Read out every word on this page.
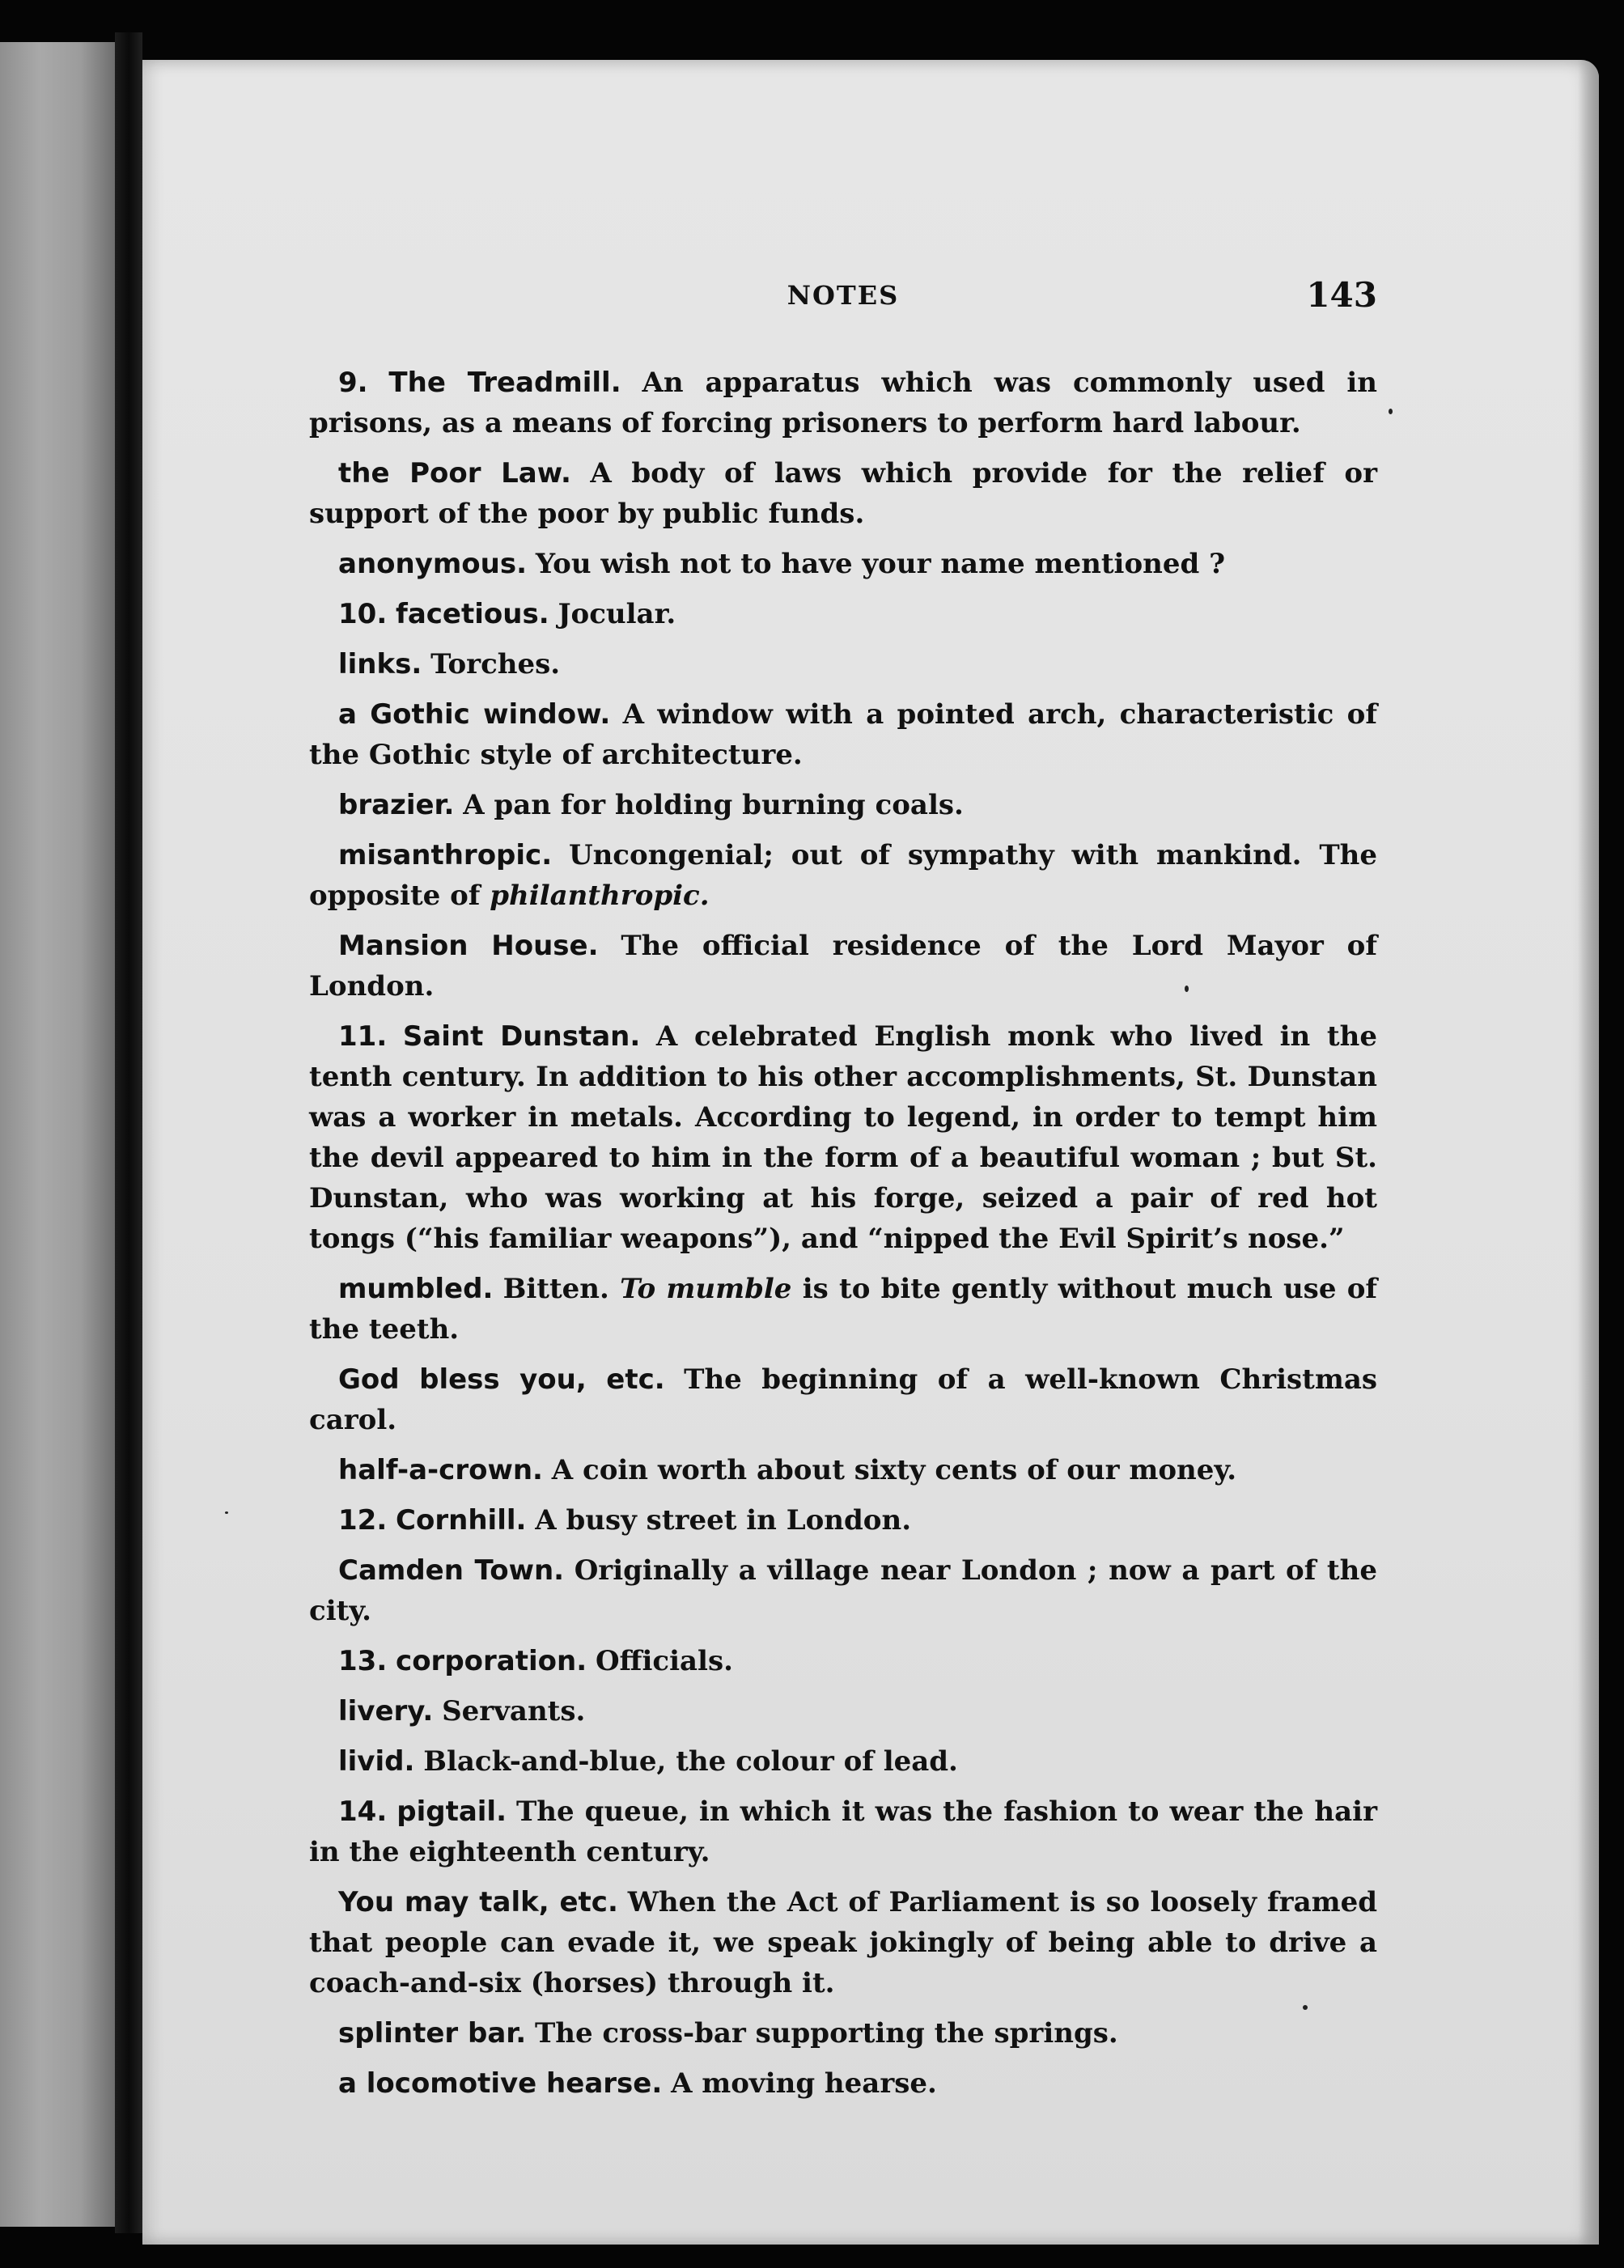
NOTES	143

9. The Treadmill. An apparatus which was commonly used in prisons, as a means of forcing prisoners to perform hard labour.

the Poor Law. A body of laws which provide for the relief or support of the poor by public funds.

anonymous. You wish not to have your name mentioned ?

10. facetious. Jocular.

links. Torches.

a Gothic window. A window with a pointed arch, characteristic of the Gothic style of architecture.

brazier. A pan for holding burning coals.

misanthropic. Uncongenial; out of sympathy with mankind. The opposite of philanthropic.

Mansion House. The official residence of the Lord Mayor of London.

11. Saint Dunstan. A celebrated English monk who lived in the tenth century. In addition to his other accomplishments, St. Dunstan was a worker in metals. According to legend, in order to tempt him the devil appeared to him in the form of a beautiful woman ; but St. Dunstan, who was working at his forge, seized a pair of red hot tongs (“his familiar weapons”), and “nipped the Evil Spirit’s nose.”

mumbled. Bitten. To mumble is to bite gently without much use of the teeth.

God bless you, etc. The beginning of a well-known Christmas carol.

half-a-crown. A coin worth about sixty cents of our money.

12. Cornhill. A busy street in London.

Camden Town. Originally a village near London ; now a part of the city.

13. corporation. Officials.

livery. Servants.

livid. Black-and-blue, the colour of lead.

14. pigtail. The queue, in which it was the fashion to wear the hair in the eighteenth century.

You may talk, etc. When the Act of Parliament is so loosely framed that people can evade it, we speak jokingly of being able to drive a coach-and-six (horses) through it.

splinter bar. The cross-bar supporting the springs.

a locomotive hearse. A moving hearse.
